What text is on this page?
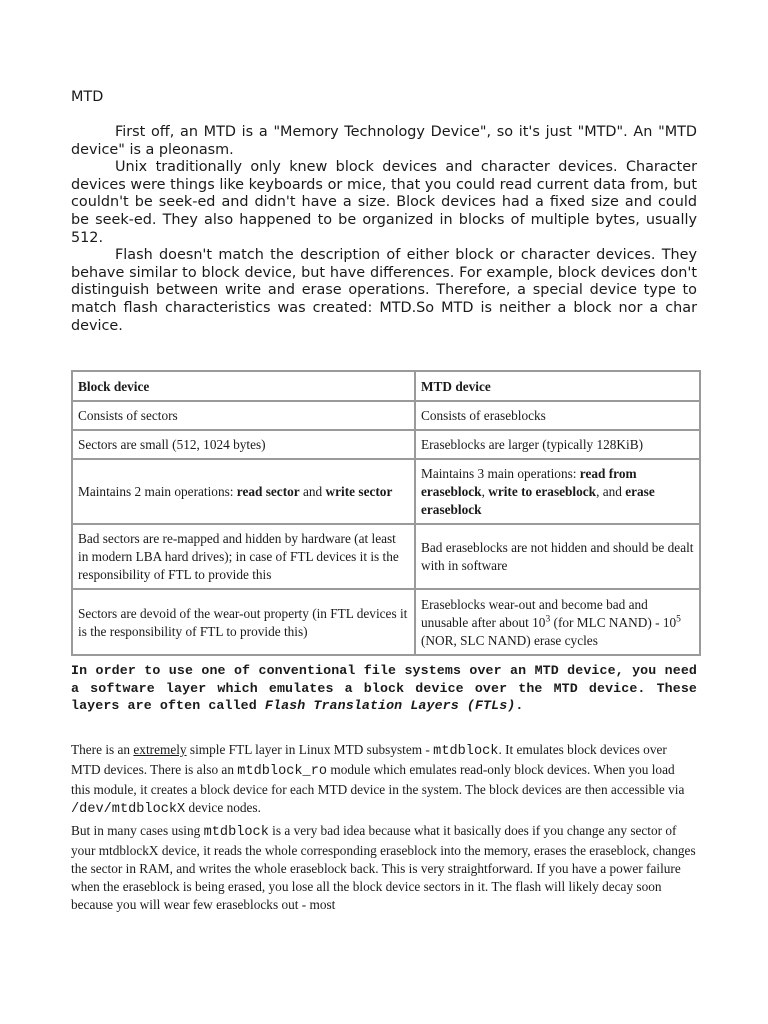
MTD

First off, an MTD is a "Memory Technology Device", so it's just "MTD". An "MTD device" is a pleonasm.

Unix traditionally only knew block devices and character devices. Character devices were things like keyboards or mice, that you could read current data from, but couldn't be seek-ed and didn't have a size. Block devices had a fixed size and could be seek-ed. They also happened to be organized in blocks of multiple bytes, usually 512.

Flash doesn't match the description of either block or character devices. They behave similar to block device, but have differences. For example, block devices don't distinguish between write and erase operations. Therefore, a special device type to match flash characteristics was created: MTD.So MTD is neither a block nor a char device.

Block device	MTD device
Consists of sectors	Consists of eraseblocks
Sectors are small (512, 1024 bytes)	Eraseblocks are larger (typically 128KiB)
Maintains 2 main operations: read sector and write sector	Maintains 3 main operations: read from eraseblock, write to eraseblock, and erase eraseblock
Bad sectors are re-mapped and hidden by hardware (at least in modern LBA hard drives); in case of FTL devices it is the responsibility of FTL to provide this	Bad eraseblocks are not hidden and should be dealt with in software
Sectors are devoid of the wear-out property (in FTL devices it is the responsibility of FTL to provide this)	Eraseblocks wear-out and become bad and unusable after about $10^3$ (for MLC NAND) - $10^5$ (NOR, SLC NAND) erase cycles

In order to use one of conventional file systems over an MTD device, you need a software layer which emulates a block device over the MTD device. These layers are often called Flash Translation Layers (FTLs).

There is an extremely simple FTL layer in Linux MTD subsystem - mtdblock. It emulates block devices over MTD devices. There is also an mtdblock_ro module which emulates read-only block devices. When you load this module, it creates a block device for each MTD device in the system. The block devices are then accessible via /dev/mtdblockX device nodes.

But in many cases using mtdblock is a very bad idea because what it basically does if you change any sector of your mtdblockX device, it reads the whole corresponding eraseblock into the memory, erases the eraseblock, changes the sector in RAM, and writes the whole eraseblock back. This is very straightforward. If you have a power failure when the eraseblock is being erased, you lose all the block device sectors in it. The flash will likely decay soon because you will wear few eraseblocks out - most
